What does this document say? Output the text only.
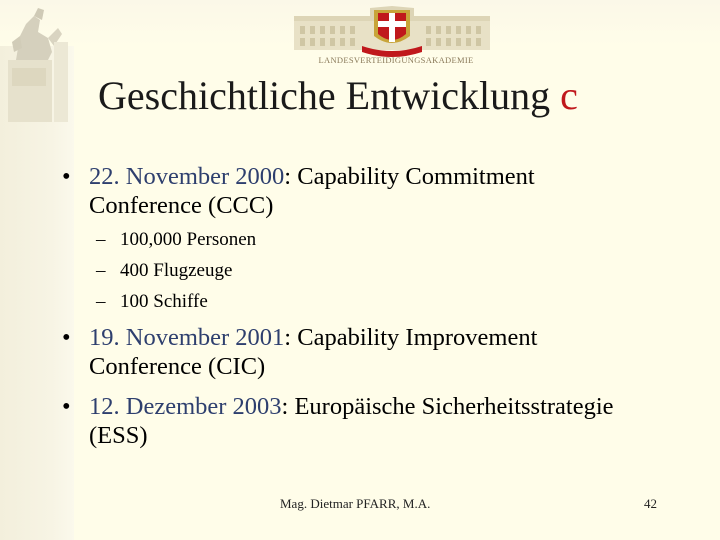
LANDESVERTEIDIGUNGSAKADEMIE
Geschichtliche Entwicklung c
• 22. November 2000: Capability Commitment
Conference (CCC)
– 100,000 Personen
– 400 Flugzeuge
– 100 Schiffe
• 19. November 2001: Capability Improvement
Conference (CIC)
• 12. Dezember 2003: Europäische Sicherheitsstrategie
(ESS)
Mag. Dietmar PFARR, M.A.	42
